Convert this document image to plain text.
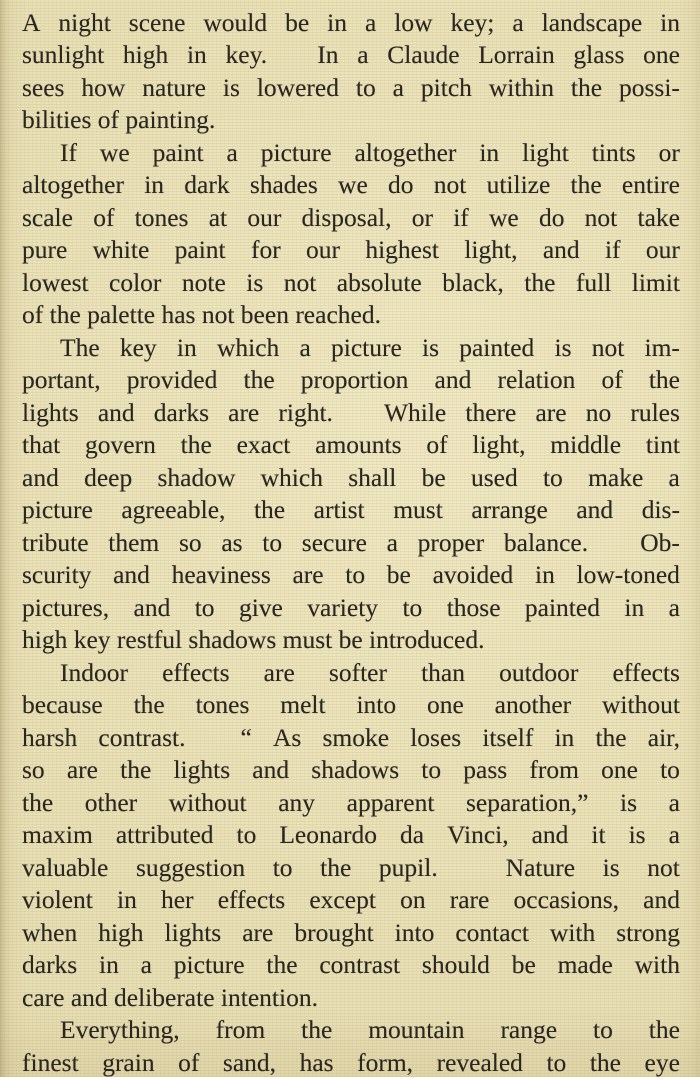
A night scene would be in a low key; a landscape in
sunlight high in key.
  In a Claude Lorrain glass one
sees how nature is lowered to a pitch within the possi-
bilities of painting.
If we paint a picture altogether in light tints or
altogether in dark shades we do not utilize the entire
scale of tones at our disposal, or if we do not take
pure white paint for our highest light, and if our
lowest color note is not absolute black, the full limit
of the palette has not been reached.
The key in which a picture is painted is not im-
portant, provided the proportion and relation of the
lights and darks are right.
  While there are no rules
that govern the exact amounts of light, middle tint
and deep shadow which shall be used to make a
picture agreeable, the artist must arrange and dis-
tribute them so as to secure a proper balance.
  Ob-
scurity and heaviness are to be avoided in low-toned
pictures, and to give variety to those painted in a
high key restful shadows must be introduced.
Indoor effects are softer than outdoor effects
because the tones melt into one another without
harsh contrast.
  “ As smoke loses itself in the air,
so are the lights and shadows to pass from one to
the other without any apparent separation,” is a
maxim attributed to Leonardo da Vinci, and it is a
valuable suggestion to the pupil.
 	Nature is not
violent in her effects except on rare occasions, and
when high lights are brought into contact with strong
darks in a picture the contrast should be made with
care and deliberate intention.
Everything, from the mountain range to the
finest grain of sand, has form, revealed to the eye
